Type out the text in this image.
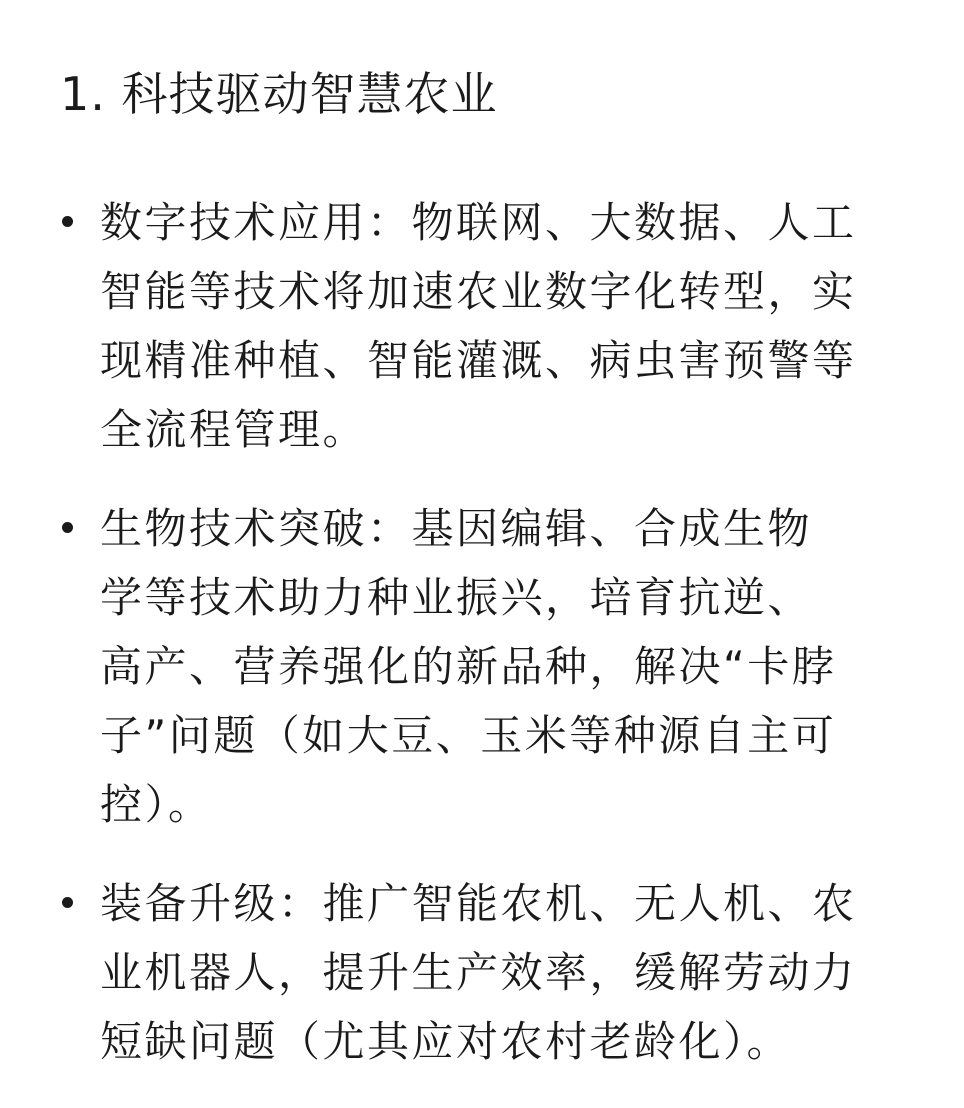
1. 科技驱动智慧农业
数字技术应用：物联网、大数据、人工
智能等技术将加速农业数字化转型，实
现精准种植、智能灌溉、病虫害预警等
全流程管理。
生物技术突破：基因编辑、合成生物
学等技术助力种业振兴，培育抗逆、
高产、营养强化的新品种，解决“卡脖
子”问题（如大豆、玉米等种源自主可
控）。
装备升级：推广智能农机、无人机、农
业机器人，提升生产效率，缓解劳动力
短缺问题（尤其应对农村老龄化）。
